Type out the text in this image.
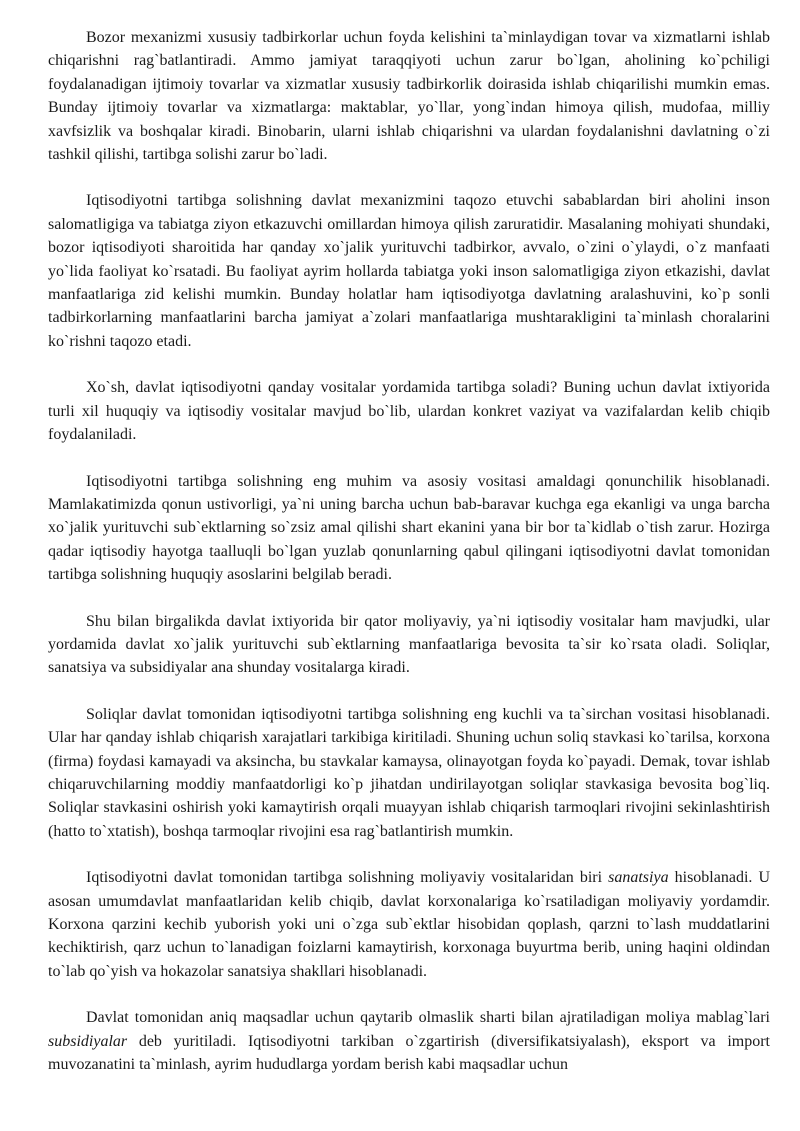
Bozor mexanizmi xususiy tadbirkorlar uchun foyda kelishini ta`minlaydigan tovar va xizmatlarni ishlab chiqarishni rag`batlantiradi. Ammo jamiyat taraqqiyoti uchun zarur bo`lgan, aholining ko`pchiligi foydalanadigan ijtimoiy tovarlar va xizmatlar xususiy tadbirkorlik doirasida ishlab chiqarilishi mumkin emas. Bunday ijtimoiy tovarlar va xizmatlarga: maktablar, yo`llar, yong`indan himoya qilish, mudofaa, milliy xavfsizlik va boshqalar kiradi. Binobarin, ularni ishlab chiqarishni va ulardan foydalanishni davlatning o`zi tashkil qilishi, tartibga solishi zarur bo`ladi.

Iqtisodiyotni tartibga solishning davlat mexanizmini taqozo etuvchi sabablardan biri aholini inson salomatligiga va tabiatga ziyon etkazuvchi omillardan himoya qilish zaruratidir. Masalaning mohiyati shundaki, bozor iqtisodiyoti sharoitida har qanday xo`jalik yurituvchi tadbirkor, avvalo, o`zini o`ylaydi, o`z manfaati yo`lida faoliyat ko`rsatadi. Bu faoliyat ayrim hollarda tabiatga yoki inson salomatligiga ziyon etkazishi, davlat manfaatlariga zid kelishi mumkin. Bunday holatlar ham iqtisodiyotga davlatning aralashuvini, ko`p sonli tadbirkorlarning manfaatlarini barcha jamiyat a`zolari manfaatlariga mushtarakligini ta`minlash choralarini ko`rishni taqozo etadi.

Xo`sh, davlat iqtisodiyotni qanday vositalar yordamida tartibga soladi? Buning uchun davlat ixtiyorida turli xil huquqiy va iqtisodiy vositalar mavjud bo`lib, ulardan konkret vaziyat va vazifalardan kelib chiqib foydalaniladi.

Iqtisodiyotni tartibga solishning eng muhim va asosiy vositasi amaldagi qonunchilik hisoblanadi. Mamlakatimizda qonun ustivorligi, ya`ni uning barcha uchun bab-baravar kuchga ega ekanligi va unga barcha xo`jalik yurituvchi sub`ektlarning so`zsiz amal qilishi shart ekanini yana bir bor ta`kidlab o`tish zarur. Hozirga qadar iqtisodiy hayotga taalluqli bo`lgan yuzlab qonunlarning qabul qilingani iqtisodiyotni davlat tomonidan tartibga solishning huquqiy asoslarini belgilab beradi.

Shu bilan birgalikda davlat ixtiyorida bir qator moliyaviy, ya`ni iqtisodiy vositalar ham mavjudki, ular yordamida davlat xo`jalik yurituvchi sub`ektlarning manfaatlariga bevosita ta`sir ko`rsata oladi. Soliqlar, sanatsiya va subsidiyalar ana shunday vositalarga kiradi.

Soliqlar davlat tomonidan iqtisodiyotni tartibga solishning eng kuchli va ta`sirchan vositasi hisoblanadi. Ular har qanday ishlab chiqarish xarajatlari tarkibiga kiritiladi. Shuning uchun soliq stavkasi ko`tarilsa, korxona (firma) foydasi kamayadi va aksincha, bu stavkalar kamaysa, olinayotgan foyda ko`payadi. Demak, tovar ishlab chiqaruvchilarning moddiy manfaatdorligi ko`p jihatdan undirilayotgan soliqlar stavkasiga bevosita bog`liq. Soliqlar stavkasini oshirish yoki kamaytirish orqali muayyan ishlab chiqarish tarmoqlari rivojini sekinlashtirish (hatto to`xtatish), boshqa tarmoqlar rivojini esa rag`batlantirish mumkin.

Iqtisodiyotni davlat tomonidan tartibga solishning moliyaviy vositalaridan biri sanatsiya hisoblanadi. U asosan umumdavlat manfaatlaridan kelib chiqib, davlat korxonalariga ko`rsatiladigan moliyaviy yordamdir. Korxona qarzini kechib yuborish yoki uni o`zga sub`ektlar hisobidan qoplash, qarzni to`lash muddatlarini kechiktirish, qarz uchun to`lanadigan foizlarni kamaytirish, korxonaga buyurtma berib, uning haqini oldindan to`lab qo`yish va hokazolar sanatsiya shakllari hisoblanadi.

Davlat tomonidan aniq maqsadlar uchun qaytarib olmaslik sharti bilan ajratiladigan moliya mablag`lari subsidiyalar deb yuritiladi. Iqtisodiyotni tarkiban o`zgartirish (diversifikatsiyalash), eksport va import muvozanatini ta`minlash, ayrim hududlarga yordam berish kabi maqsadlar uchun
